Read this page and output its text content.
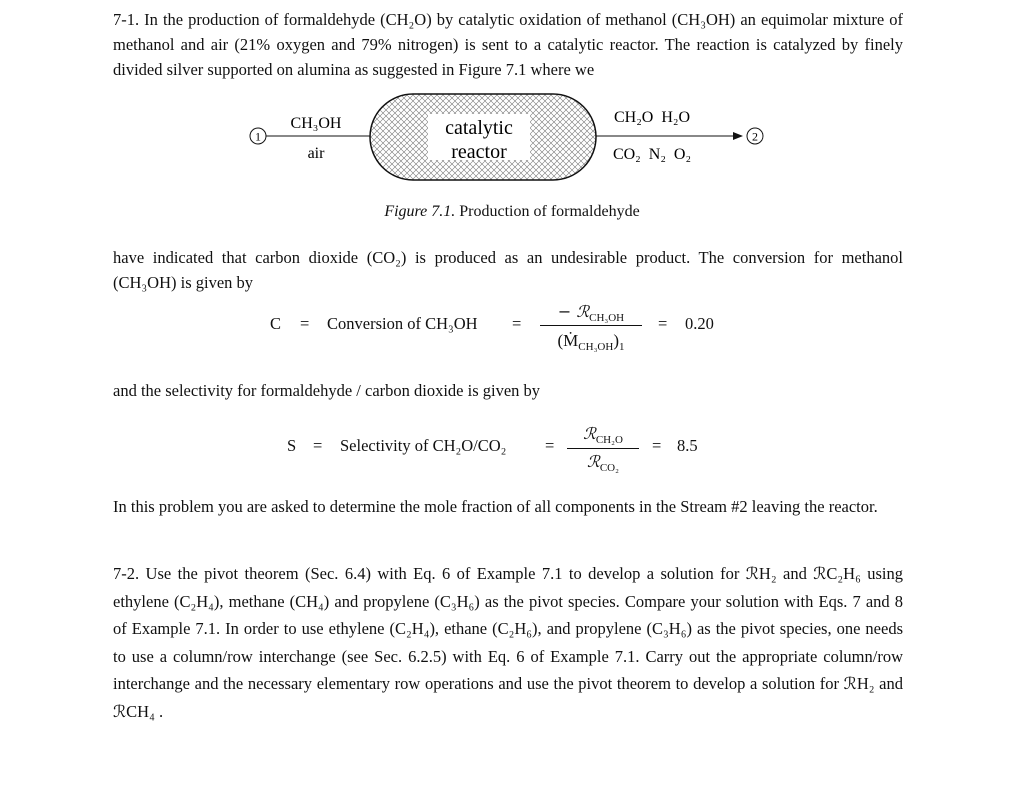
7-1. In the production of formaldehyde (CH₂O) by catalytic oxidation of methanol (CH₃OH) an equimolar mixture of methanol and air (21% oxygen and 79% nitrogen) is sent to a catalytic reactor. The reaction is catalyzed by finely divided silver supported on alumina as suggested in Figure 7.1 where we
1
CH₃OH
air
catalytic
reactor
CH₂O  H₂O
CO₂  N₂  O₂
2
Figure 7.1. Production of formaldehyde
have indicated that carbon dioxide (CO₂) is produced as an undesirable product. The conversion for methanol (CH₃OH) is given by
C = Conversion of CH₃OH =
− ℛ$_{CH_3OH}$
$(Ṁ_{CH_3OH})_1$
= 0.20
and the selectivity for formaldehyde / carbon dioxide is given by
S = Selectivity of CH₂O/CO₂ =
ℛ$_{CH_2O}$
ℛ$_{CO_2}$
= 8.5
In this problem you are asked to determine the mole fraction of all components in the Stream #2 leaving the reactor.
7-2. Use the pivot theorem (Sec. 6.4) with Eq. 6 of Example 7.1 to develop a solution for ℛH₂ and ℛC₂H₆ using ethylene (C₂H₄), methane (CH₄) and propylene (C₃H₆) as the pivot species. Compare your solution with Eqs. 7 and 8 of Example 7.1. In order to use ethylene (C₂H₄), ethane (C₂H₆), and propylene (C₃H₆) as the pivot species, one needs to use a column/row interchange (see Sec. 6.2.5) with Eq. 6 of Example 7.1. Carry out the appropriate column/row interchange and the necessary elementary row operations and use the pivot theorem to develop a solution for ℛH₂ and ℛCH₄ .
